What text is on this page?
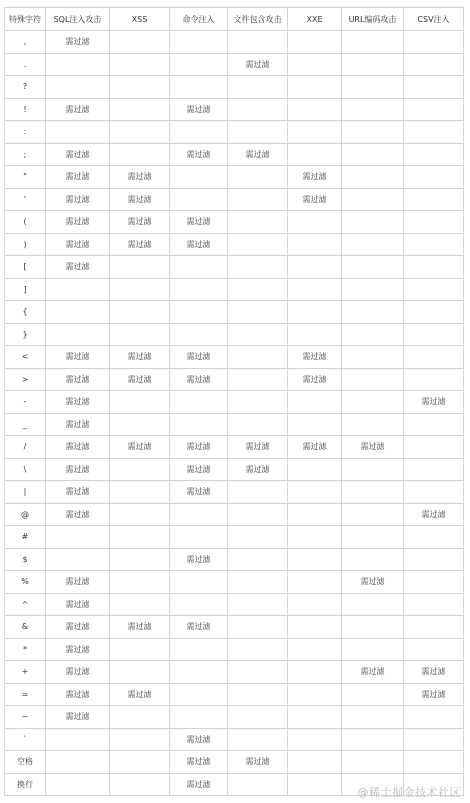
特殊字符	SQL注入攻击	XSS	命令注入	文件包含攻击	XXE	URL编码攻击	CSV注入
,	需过滤						
.				需过滤			
?							
!	需过滤		需过滤				
:							
;	需过滤		需过滤	需过滤			
"	需过滤	需过滤			需过滤		
'	需过滤	需过滤			需过滤		
(	需过滤	需过滤	需过滤				
)	需过滤	需过滤	需过滤				
[	需过滤						
]							
{							
}							
<	需过滤	需过滤	需过滤		需过滤		
>	需过滤	需过滤	需过滤		需过滤		
-	需过滤						需过滤
_	需过滤						
/	需过滤	需过滤	需过滤	需过滤	需过滤	需过滤	
\	需过滤		需过滤	需过滤			
|	需过滤		需过滤				
@	需过滤						需过滤
#							
$			需过滤				
%	需过滤					需过滤	
^	需过滤						
&	需过滤	需过滤	需过滤				
*	需过滤						
+	需过滤					需过滤	需过滤
=	需过滤	需过滤					需过滤
~	需过滤						
`			需过滤				
空格			需过滤	需过滤			
换行			需过滤				
@稀土掘金技术社区
